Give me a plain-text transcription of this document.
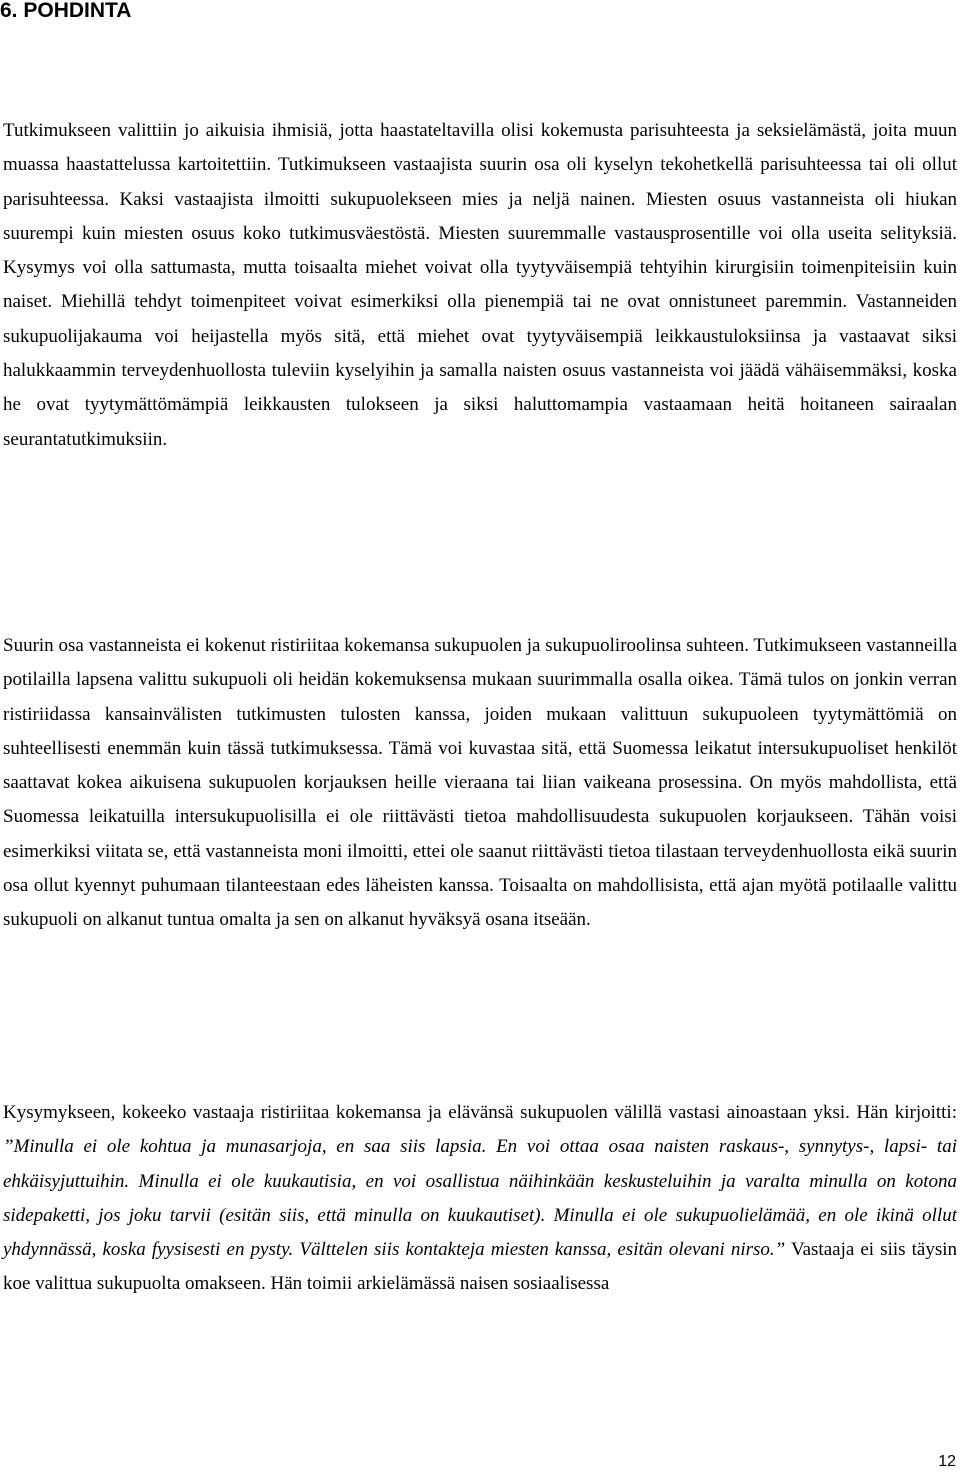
6. POHDINTA

Tutkimukseen valittiin jo aikuisia ihmisiä, jotta haastateltavilla olisi kokemusta parisuhteesta ja seksielämästä, joita muun muassa haastattelussa kartoitettiin. Tutkimukseen vastaajista suurin osa oli kyselyn tekohetkellä parisuhteessa tai oli ollut parisuhteessa. Kaksi vastaajista ilmoitti sukupuolekseen mies ja neljä nainen. Miesten osuus vastanneista oli hiukan suurempi kuin miesten osuus koko tutkimusväestöstä. Miesten suuremmalle vastausprosentille voi olla useita selityksiä. Kysymys voi olla sattumasta, mutta toisaalta miehet voivat olla tyytyväisempiä tehtyihin kirurgisiin toimenpiteisiin kuin naiset. Miehillä tehdyt toimenpiteet voivat esimerkiksi olla pienempiä tai ne ovat onnistuneet paremmin. Vastanneiden sukupuolijakauma voi heijastella myös sitä, että miehet ovat tyytyväisempiä leikkaustuloksiinsa ja vastaavat siksi halukkaammin terveydenhuollosta tuleviin kyselyihin ja samalla naisten osuus vastanneista voi jäädä vähäisemmäksi, koska he ovat tyytymättömämpiä leikkausten tulokseen ja siksi haluttomampia vastaamaan heitä hoitaneen sairaalan seurantatutkimuksiin.

Suurin osa vastanneista ei kokenut ristiriitaa kokemansa sukupuolen ja sukupuoliroolinsa suhteen. Tutkimukseen vastanneilla potilailla lapsena valittu sukupuoli oli heidän kokemuksensa mukaan suurimmalla osalla oikea. Tämä tulos on jonkin verran ristiriidassa kansainvälisten tutkimusten tulosten kanssa, joiden mukaan valittuun sukupuoleen tyytymättömiä on suhteellisesti enemmän kuin tässä tutkimuksessa. Tämä voi kuvastaa sitä, että Suomessa leikatut intersukupuoliset henkilöt saattavat kokea aikuisena sukupuolen korjauksen heille vieraana tai liian vaikeana prosessina. On myös mahdollista, että Suomessa leikatuilla intersukupuolisilla ei ole riittävästi tietoa mahdollisuudesta sukupuolen korjaukseen. Tähän voisi esimerkiksi viitata se, että vastanneista moni ilmoitti, ettei ole saanut riittävästi tietoa tilastaan terveydenhuollosta eikä suurin osa ollut kyennyt puhumaan tilanteestaan edes läheisten kanssa. Toisaalta on mahdollisista, että ajan myötä potilaalle valittu sukupuoli on alkanut tuntua omalta ja sen on alkanut hyväksyä osana itseään.

Kysymykseen, kokeeko vastaaja ristiriitaa kokemansa ja elävänsä sukupuolen välillä vastasi ainoastaan yksi. Hän kirjoitti: ”Minulla ei ole kohtua ja munasarjoja, en saa siis lapsia. En voi ottaa osaa naisten raskaus-, synnytys-, lapsi- tai ehkäisyjuttuihin. Minulla ei ole kuukautisia, en voi osallistua näihinkään keskusteluihin ja varalta minulla on kotona sidepaketti, jos joku tarvii (esitän siis, että minulla on kuukautiset). Minulla ei ole sukupuolielämää, en ole ikinä ollut yhdynnässä, koska fyysisesti en pysty. Välttelen siis kontakteja miesten kanssa, esitän olevani nirso.” Vastaaja ei siis täysin koe valittua sukupuolta omakseen. Hän toimii arkielämässä naisen sosiaalisessa

12
